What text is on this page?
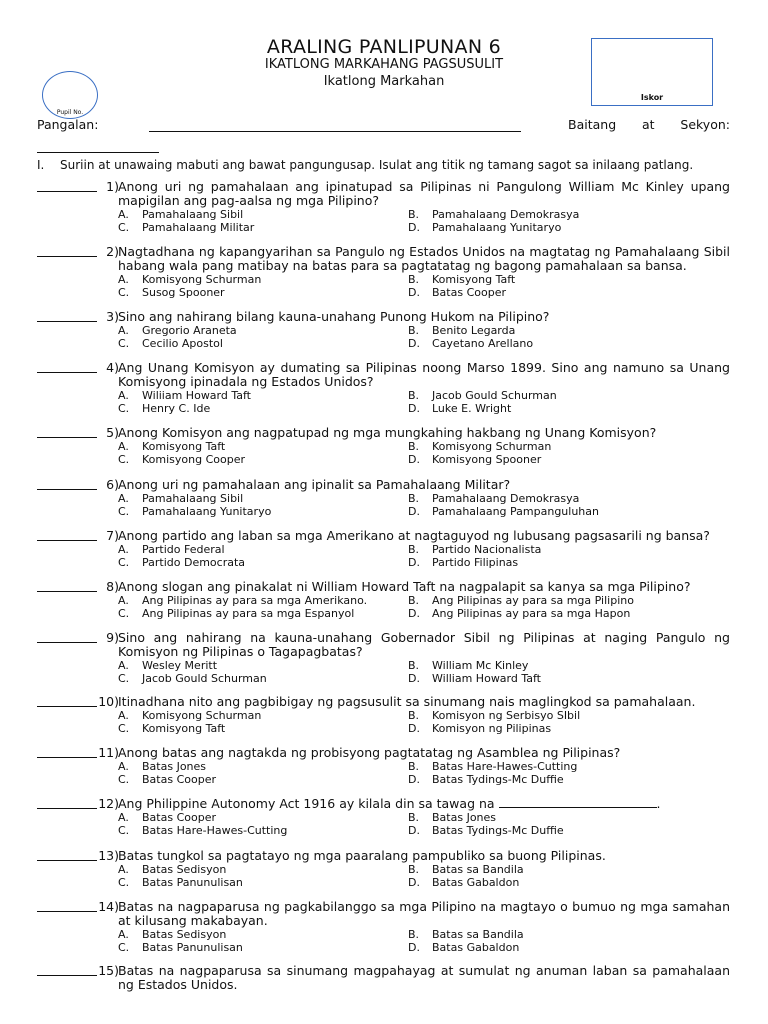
ARALING PANLIPUNAN 6
IKATLONG MARKAHANG PAGSUSULIT
Ikatlong Markahan
Iskor
Pupil No.
Pangalan:	Baitang at Sekyon:
I. Suriin at unawaing mabuti ang bawat pangungusap. Isulat ang titik ng tamang sagot sa inilaang patlang.
1) Anong uri ng pamahalaan ang ipinatupad sa Pilipinas ni Pangulong William Mc Kinley upang mapigilan ang pag-aalsa ng mga Pilipino?
A.	Pamahalaang Sibil	B.	Pamahalaang Demokrasya
C.	Pamahalaang Militar	D.	Pamahalaang Yunitaryo
2) Nagtadhana ng kapangyarihan sa Pangulo ng Estados Unidos na magtatag ng Pamahalaang Sibil habang wala pang matibay na batas para sa pagtatatag ng bagong pamahalaan sa bansa.
A.	Komisyong Schurman	B.	Komisyong Taft
C.	Susog Spooner	D.	Batas Cooper
3) Sino ang nahirang bilang kauna-unahang Punong Hukom na Pilipino?
A.	Gregorio Araneta	B.	Benito Legarda
C.	Cecilio Apostol	D.	Cayetano Arellano
4) Ang Unang Komisyon ay dumating sa Pilipinas noong Marso 1899. Sino ang namuno sa Unang Komisyong ipinadala ng Estados Unidos?
A.	Wiliiam Howard Taft	B.	Jacob Gould Schurman
C.	Henry C. Ide	D.	Luke E. Wright
5) Anong Komisyon ang nagpatupad ng mga mungkahing hakbang ng Unang Komisyon?
A.	Komisyong Taft	B.	Komisyong Schurman
C.	Komisyong Cooper	D.	Komisyong Spooner
6) Anong uri ng pamahalaan ang ipinalit sa Pamahalaang Militar?
A.	Pamahalaang Sibil	B.	Pamahalaang Demokrasya
C.	Pamahalaang Yunitaryo	D.	Pamahalaang Pampanguluhan
7) Anong partido ang laban sa mga Amerikano at nagtaguyod ng lubusang pagsasarili ng bansa?
A.	Partido Federal	B.	Partido Nacionalista
C.	Partido Democrata	D.	Partido Filipinas
8) Anong slogan ang pinakalat ni William Howard Taft na nagpalapit sa kanya sa mga Pilipino?
A.	Ang Pilipinas ay para sa mga Amerikano.	B.	Ang Pilipinas ay para sa mga Pilipino
C.	Ang Pilipinas ay para sa mga Espanyol	D.	Ang Pilipinas ay para sa mga Hapon
9) Sino ang nahirang na kauna-unahang Gobernador Sibil ng Pilipinas at naging Pangulo ng Komisyon ng Pilipinas o Tagapagbatas?
A.	Wesley Meritt	B.	William Mc Kinley
C.	Jacob Gould Schurman	D.	William Howard Taft
10) Itinadhana nito ang pagbibigay ng pagsusulit sa sinumang nais maglingkod sa pamahalaan.
A.	Komisyong Schurman	B.	Komisyon ng Serbisyo SIbil
C.	Komisyong Taft	D.	Komisyon ng Pilipinas
11) Anong batas ang nagtakda ng probisyong pagtatatag ng Asamblea ng Pilipinas?
A.	Batas Jones	B.	Batas Hare-Hawes-Cutting
C.	Batas Cooper	D.	Batas Tydings-Mc Duffie
12) Ang Philippine Autonomy Act 1916 ay kilala din sa tawag na	.
A.	Batas Cooper	B.	Batas Jones
C.	Batas Hare-Hawes-Cutting	D.	Batas Tydings-Mc Duffie
13) Batas tungkol sa pagtatayo ng mga paaralang pampubliko sa buong Pilipinas.
A.	Batas Sedisyon	B.	Batas sa Bandila
C.	Batas Panunulisan	D.	Batas Gabaldon
14) Batas na nagpaparusa ng pagkabilanggo sa mga Pilipino na magtayo o bumuo ng mga samahan at kilusang makabayan.
A.	Batas Sedisyon	B.	Batas sa Bandila
C.	Batas Panunulisan	D.	Batas Gabaldon
15) Batas na nagpaparusa sa sinumang magpahayag at sumulat ng anuman laban sa pamahalaan ng Estados Unidos.
